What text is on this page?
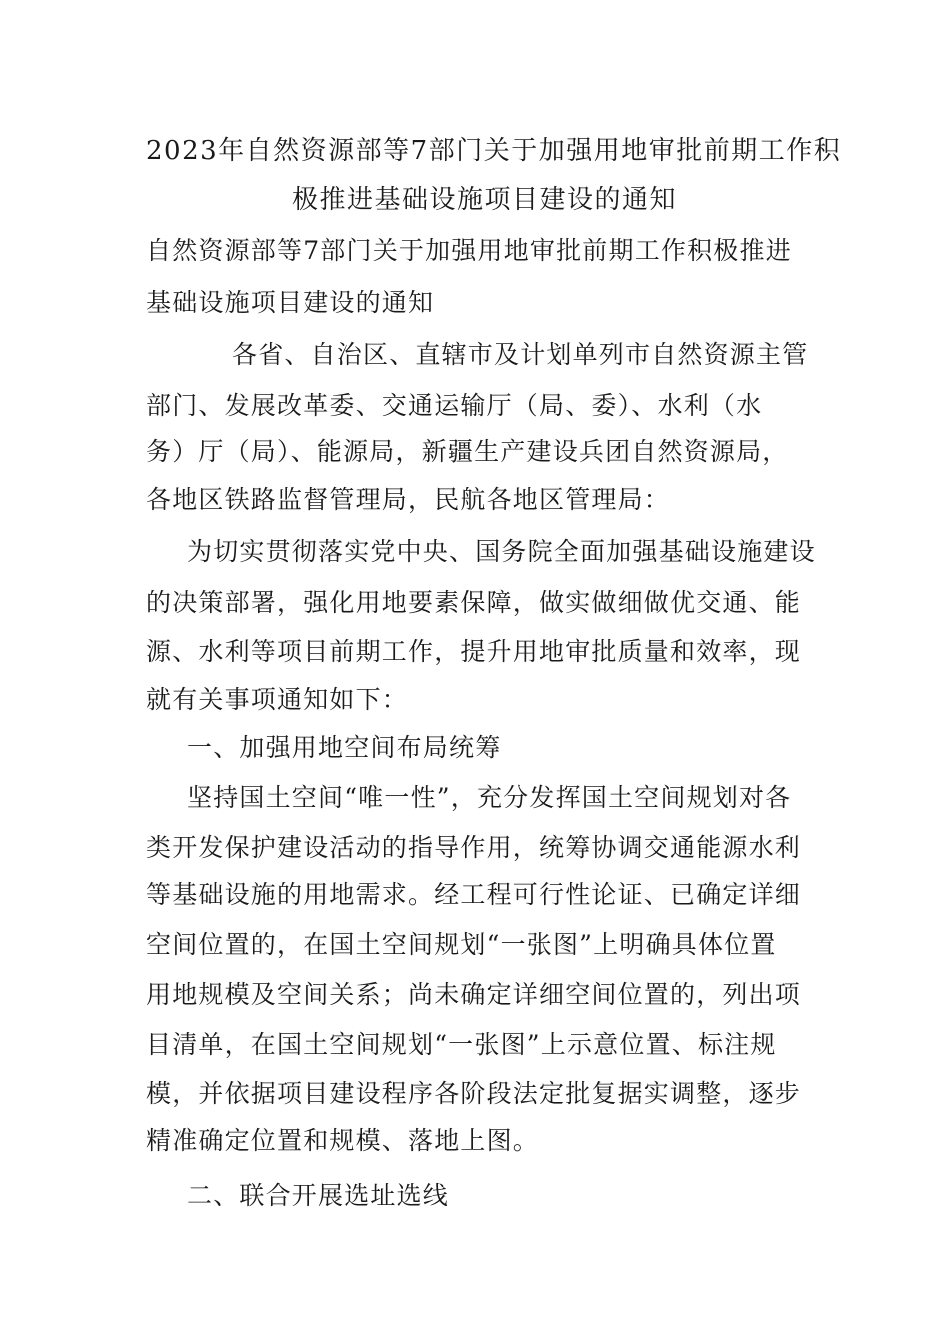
2023年自然资源部等7部门关于加强用地审批前期工作积
极推进基础设施项目建设的通知
自然资源部等7部门关于加强用地审批前期工作积极推进
基础设施项目建设的通知
各省、自治区、直辖市及计划单列市自然资源主管
部门、发展改革委、交通运输厅（局、委）、水利（水
务）厅（局）、能源局，新疆生产建设兵团自然资源局，
各地区铁路监督管理局，民航各地区管理局：
为切实贯彻落实党中央、国务院全面加强基础设施建设
的决策部署，强化用地要素保障，做实做细做优交通、能
源、水利等项目前期工作，提升用地审批质量和效率，现
就有关事项通知如下：
一、加强用地空间布局统筹
坚持国土空间“唯一性”，充分发挥国土空间规划对各
类开发保护建设活动的指导作用，统筹协调交通能源水利
等基础设施的用地需求。经工程可行性论证、已确定详细
空间位置的，在国土空间规划“一张图”上明确具体位置
用地规模及空间关系；尚未确定详细空间位置的，列出项
目清单，在国土空间规划“一张图”上示意位置、标注规
模，并依据项目建设程序各阶段法定批复据实调整，逐步
精准确定位置和规模、落地上图。
二、联合开展选址选线
